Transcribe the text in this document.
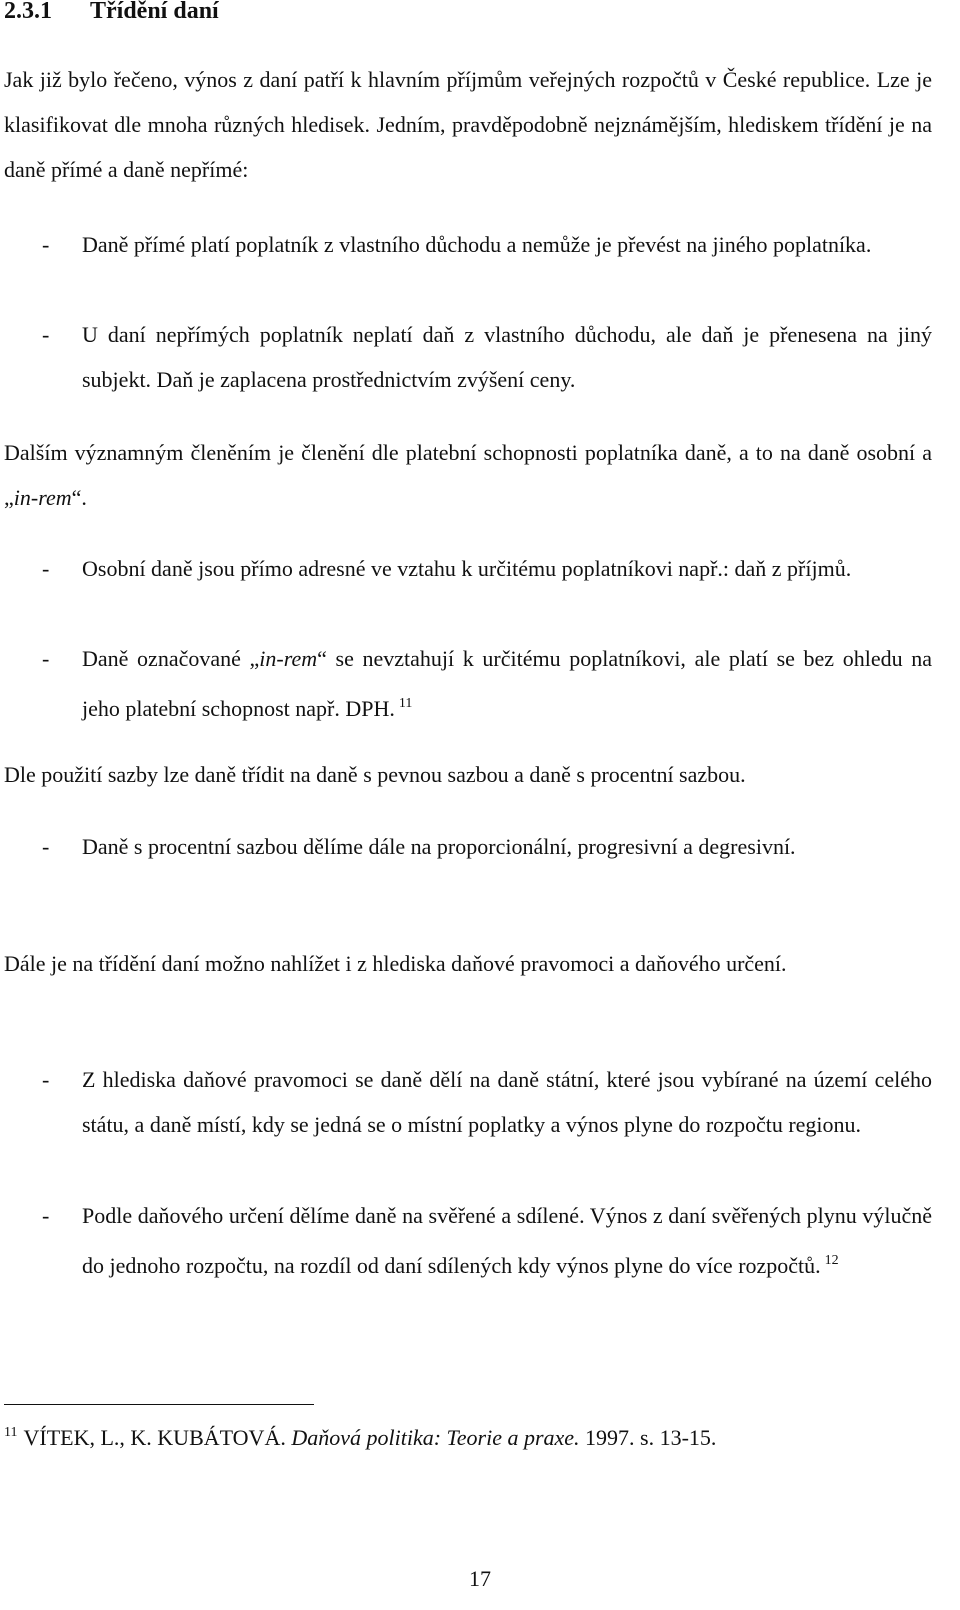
2.3.1 Třídění daní
Jak již bylo řečeno, výnos z daní patří k hlavním příjmům veřejných rozpočtů v České republice. Lze je klasifikovat dle mnoha různých hledisek. Jedním, pravděpodobně nejznámějším, hlediskem třídění je na daně přímé a daně nepřímé:
- Daně přímé platí poplatník z vlastního důchodu a nemůže je převést na jiného poplatníka.
- U daní nepřímých poplatník neplatí daň z vlastního důchodu, ale daň je přenesena na jiný subjekt. Daň je zaplacena prostřednictvím zvýšení ceny.
Dalším významným členěním je členění dle platební schopnosti poplatníka daně, a to na daně osobní a „in-rem“.
- Osobní daně jsou přímo adresné ve vztahu k určitému poplatníkovi např.: daň z příjmů.
- Daně označované „in-rem“ se nevztahují k určitému poplatníkovi, ale platí se bez ohledu na jeho platební schopnost např. DPH. $^{11}$
Dle použití sazby lze daně třídit na daně s pevnou sazbou a daně s procentní sazbou.
- Daně s procentní sazbou dělíme dále na proporcionální, progresivní a degresivní.
Dále je na třídění daní možno nahlížet i z hlediska daňové pravomoci a daňového určení.
- Z hlediska daňové pravomoci se daně dělí na daně státní, které jsou vybírané na území celého státu, a daně místí, kdy se jedná se o místní poplatky a výnos plyne do rozpočtu regionu.
- Podle daňového určení dělíme daně na svěřené a sdílené. Výnos z daní svěřených plynu výlučně do jednoho rozpočtu, na rozdíl od daní sdílených kdy výnos plyne do více rozpočtů. $^{12}$
$^{11}$ VÍTEK, L., K. KUBÁTOVÁ. Daňová politika: Teorie a praxe. 1997. s. 13-15.
17
